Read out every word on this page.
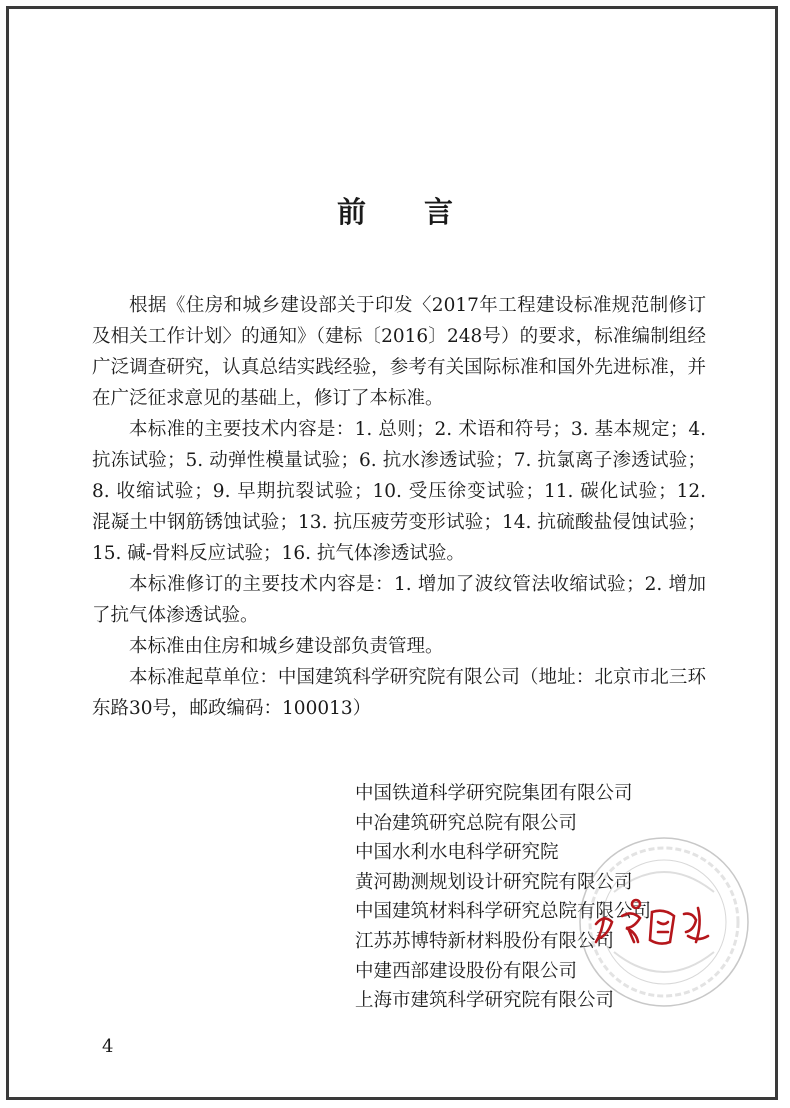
前言

根据《住房和城乡建设部关于印发〈2017年工程建设标准规范制修订及相关工作计划〉的通知》（建标〔2016〕248号）的要求，标准编制组经广泛调查研究，认真总结实践经验，参考有关国际标准和国外先进标准，并在广泛征求意见的基础上，修订了本标准。

本标准的主要技术内容是：1. 总则；2. 术语和符号；3. 基本规定；4. 抗冻试验；5. 动弹性模量试验；6. 抗水渗透试验；7. 抗氯离子渗透试验；8. 收缩试验；9. 早期抗裂试验；10. 受压徐变试验；11. 碳化试验；12. 混凝土中钢筋锈蚀试验；13. 抗压疲劳变形试验；14. 抗硫酸盐侵蚀试验；15. 碱-骨料反应试验；16. 抗气体渗透试验。

本标准修订的主要技术内容是：1. 增加了波纹管法收缩试验；2. 增加了抗气体渗透试验。

本标准由住房和城乡建设部负责管理。

本标准起草单位：中国建筑科学研究院有限公司（地址：北京市北三环东路30号，邮政编码：100013）

中国铁道科学研究院集团有限公司
中冶建筑研究总院有限公司
中国水利水电科学研究院
黄河勘测规划设计研究院有限公司
中国建筑材料科学研究总院有限公司
江苏苏博特新材料股份有限公司
中建西部建设股份有限公司
上海市建筑科学研究院有限公司
4
